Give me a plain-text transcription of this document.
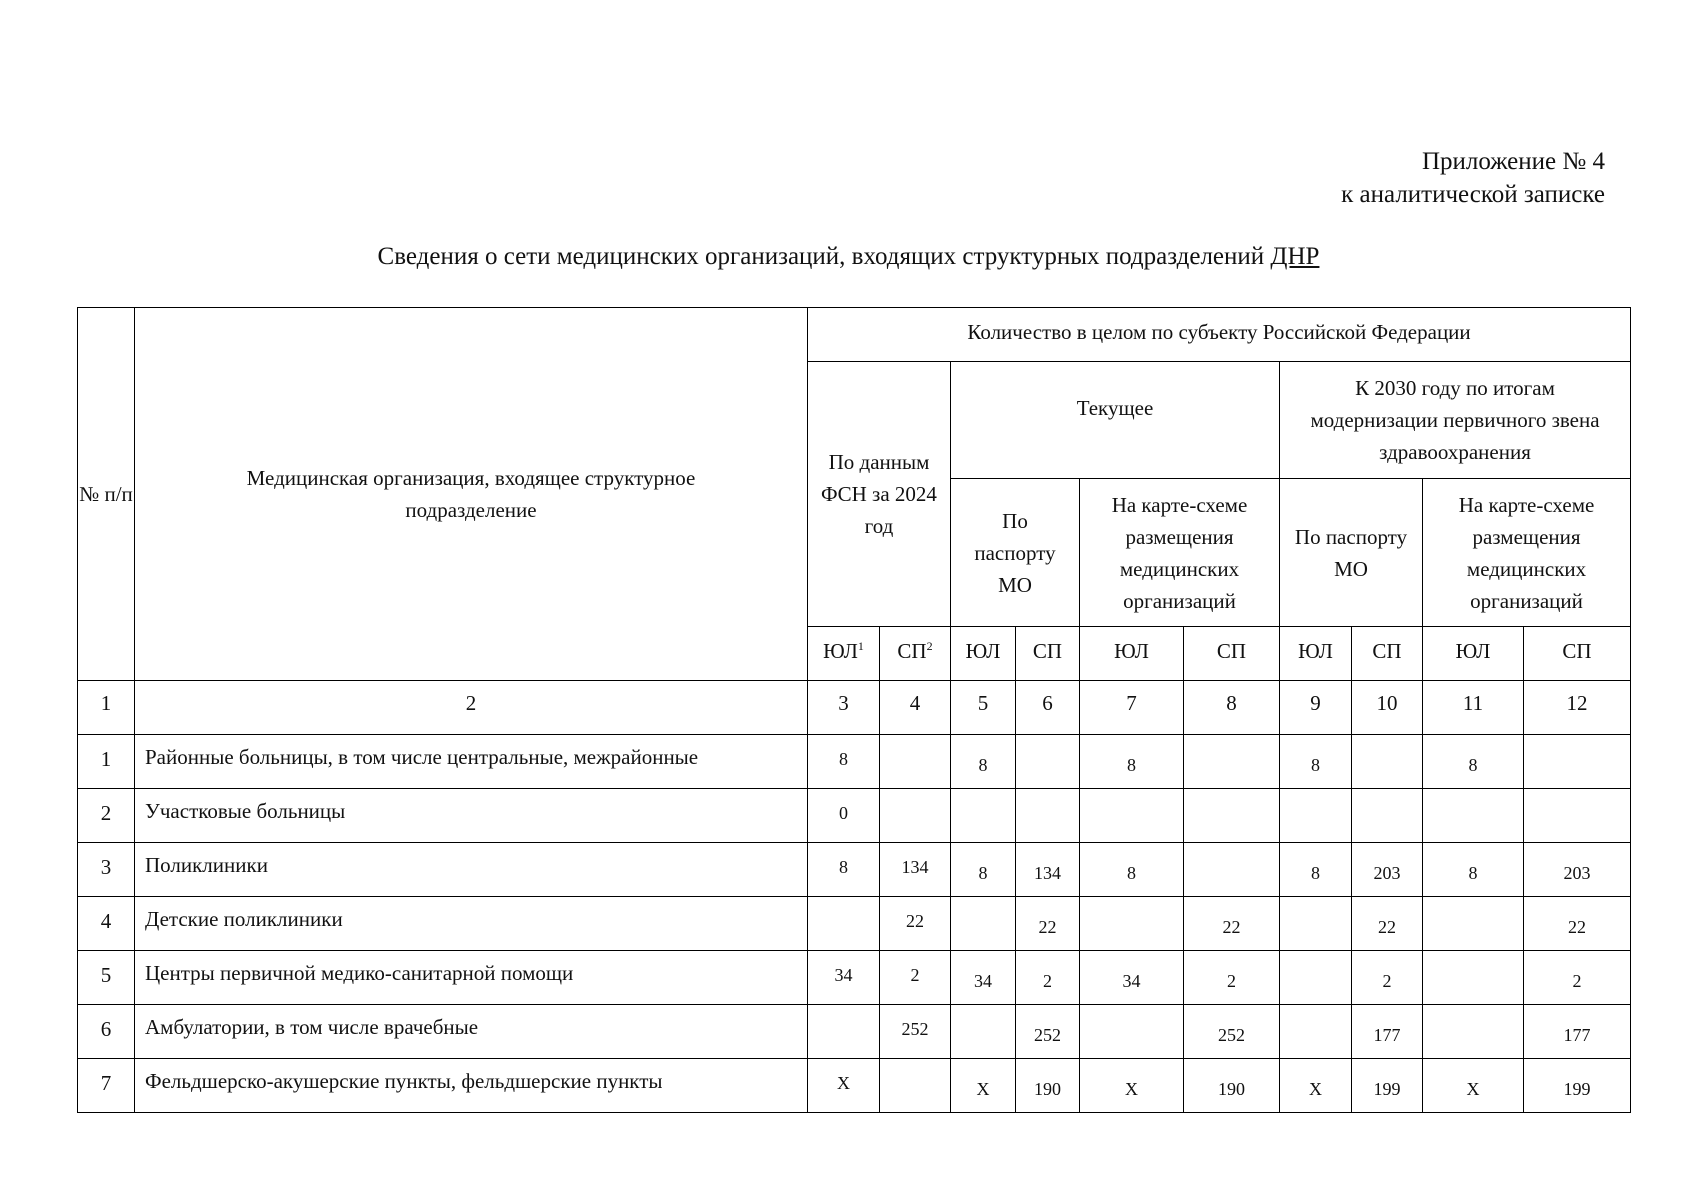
Приложение № 4
к аналитической записке
Сведения о сети медицинских организаций, входящих структурных подразделений ДНР
№ п/п	Медицинская организация, входящее структурное подразделение	Количество в целом по субъекту Российской Федерации									

		По данным ФСН за 2024 год		Текущее				К 2030 году по итогам модернизации первичного звена здравоохранения			

				По паспорту МО		На карте-схеме размещения медицинских организаций		По паспорту МО		На карте-схеме размещения медицинских организаций	

		$ЮЛ^1$	$СП^2$	ЮЛ	СП	ЮЛ	СП	ЮЛ	СП	ЮЛ	СП

1	2	3	4	5	6	7	8	9	10	11	12
1	Районные больницы, в том числе центральные, межрайонные	8		8		8		8		8	
2	Участковые больницы	0									
3	Поликлиники	8	134	8	134	8		8	203	8	203
4	Детские поликлиники		22		22		22		22		22
5	Центры первичной медико-санитарной помощи	34	2	34	2	34	2		2		2
6	Амбулатории, в том числе врачебные		252		252		252		177		177
7	Фельдшерско-акушерские пункты, фельдшерские пункты	X		X	190	X	190	X	199	X	199
